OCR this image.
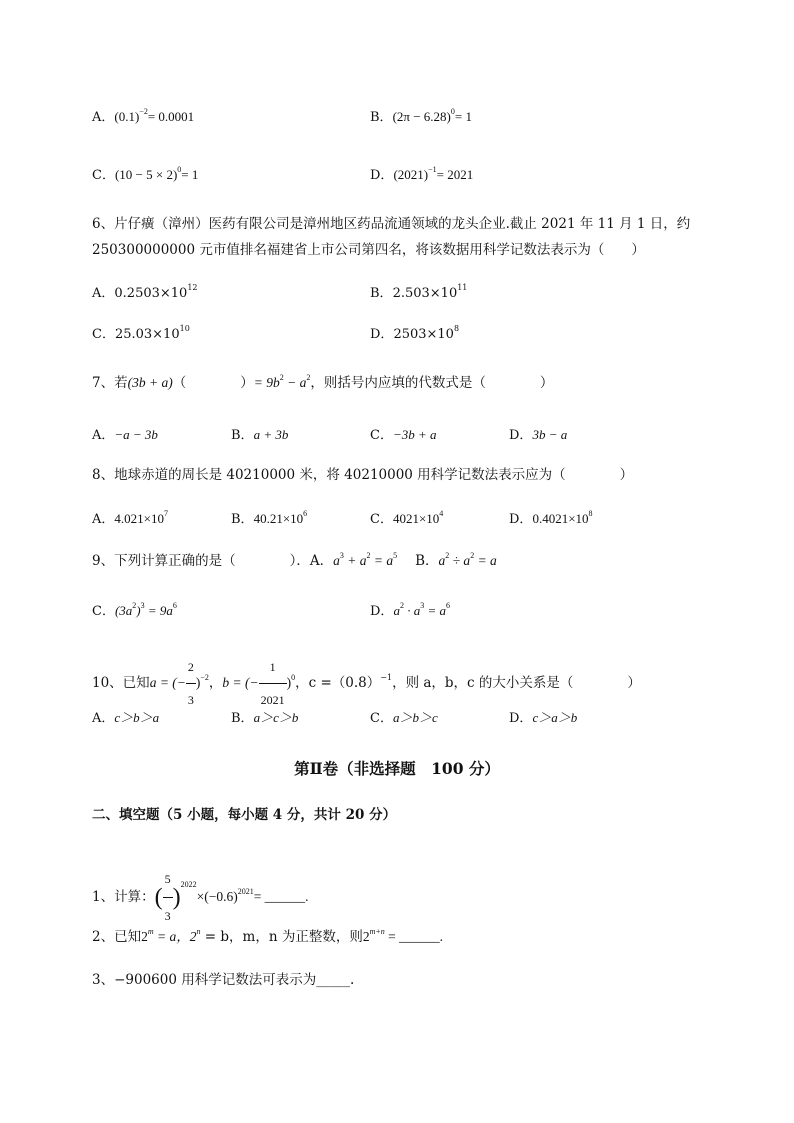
A．$(0.1)^{-2}= 0.0001$	B．$(2\pi - 6.28)^0= 1$
C．$(10 - 5 \times 2)^0= 1$	D．$(2021)^{-1}= 2021$
6、片仔癀（漳州）医药有限公司是漳州地区药品流通领域的龙头企业.截止 2021 年 11 月 1 日，约
250300000000 元市值排名福建省上市公司第四名，将该数据用科学记数法表示为（　　）
A．$0.2503\times 10^{12}$	B．$2.503\times 10^{11}$
C．$25.03\times 10^{10}$	D．$2503\times 10^8$
7、若(3b + a)（　　　　）= $9b^2 - a^2$，则括号内应填的代数式是（　　　　）
A．−a − 3b	B．a + 3b	C．−3b + a	D．3b − a
8、地球赤道的周长是 40210000 米，将 40210000 用科学记数法表示应为（　　　　）
A．$4.021\times 10^7$	B．$40.21\times 10^6$	C．$4021\times 10^4$	D．$0.4021\times 10^8$
9、下列计算正确的是（　　　　）．A．$a^3 + a^2 = a^5$ B．$a^2 \div a^2 = a$
C．$(3a^2)^3 = 9a^6$	D．$a^2 \cdot a^3 = a^6$
10、已知a = (− $\frac{2}{3} )^{-2}$，b = (− $\frac{1}{2021} )^0$，$c =(0.8)^{-1}$，则 a，b，c 的大小关系是（　　　　）
A．c＞b＞a	B．a＞c＞b	C．a＞b＞c	D．c＞a＞b
第Ⅱ卷（非选择题　100 分）
二、填空题（5 小题，每小题 4 分，共计 20 分）
1、计算：( $\frac{5}{3} )^{2022}\times(-0.6)^{2021}=$ ______.
2、已知$2^m = a$，$2^n = b$，m，n 为正整数，则$2^{m+n}$ = ______.
3、−900600 用科学记数法可表示为_____.
